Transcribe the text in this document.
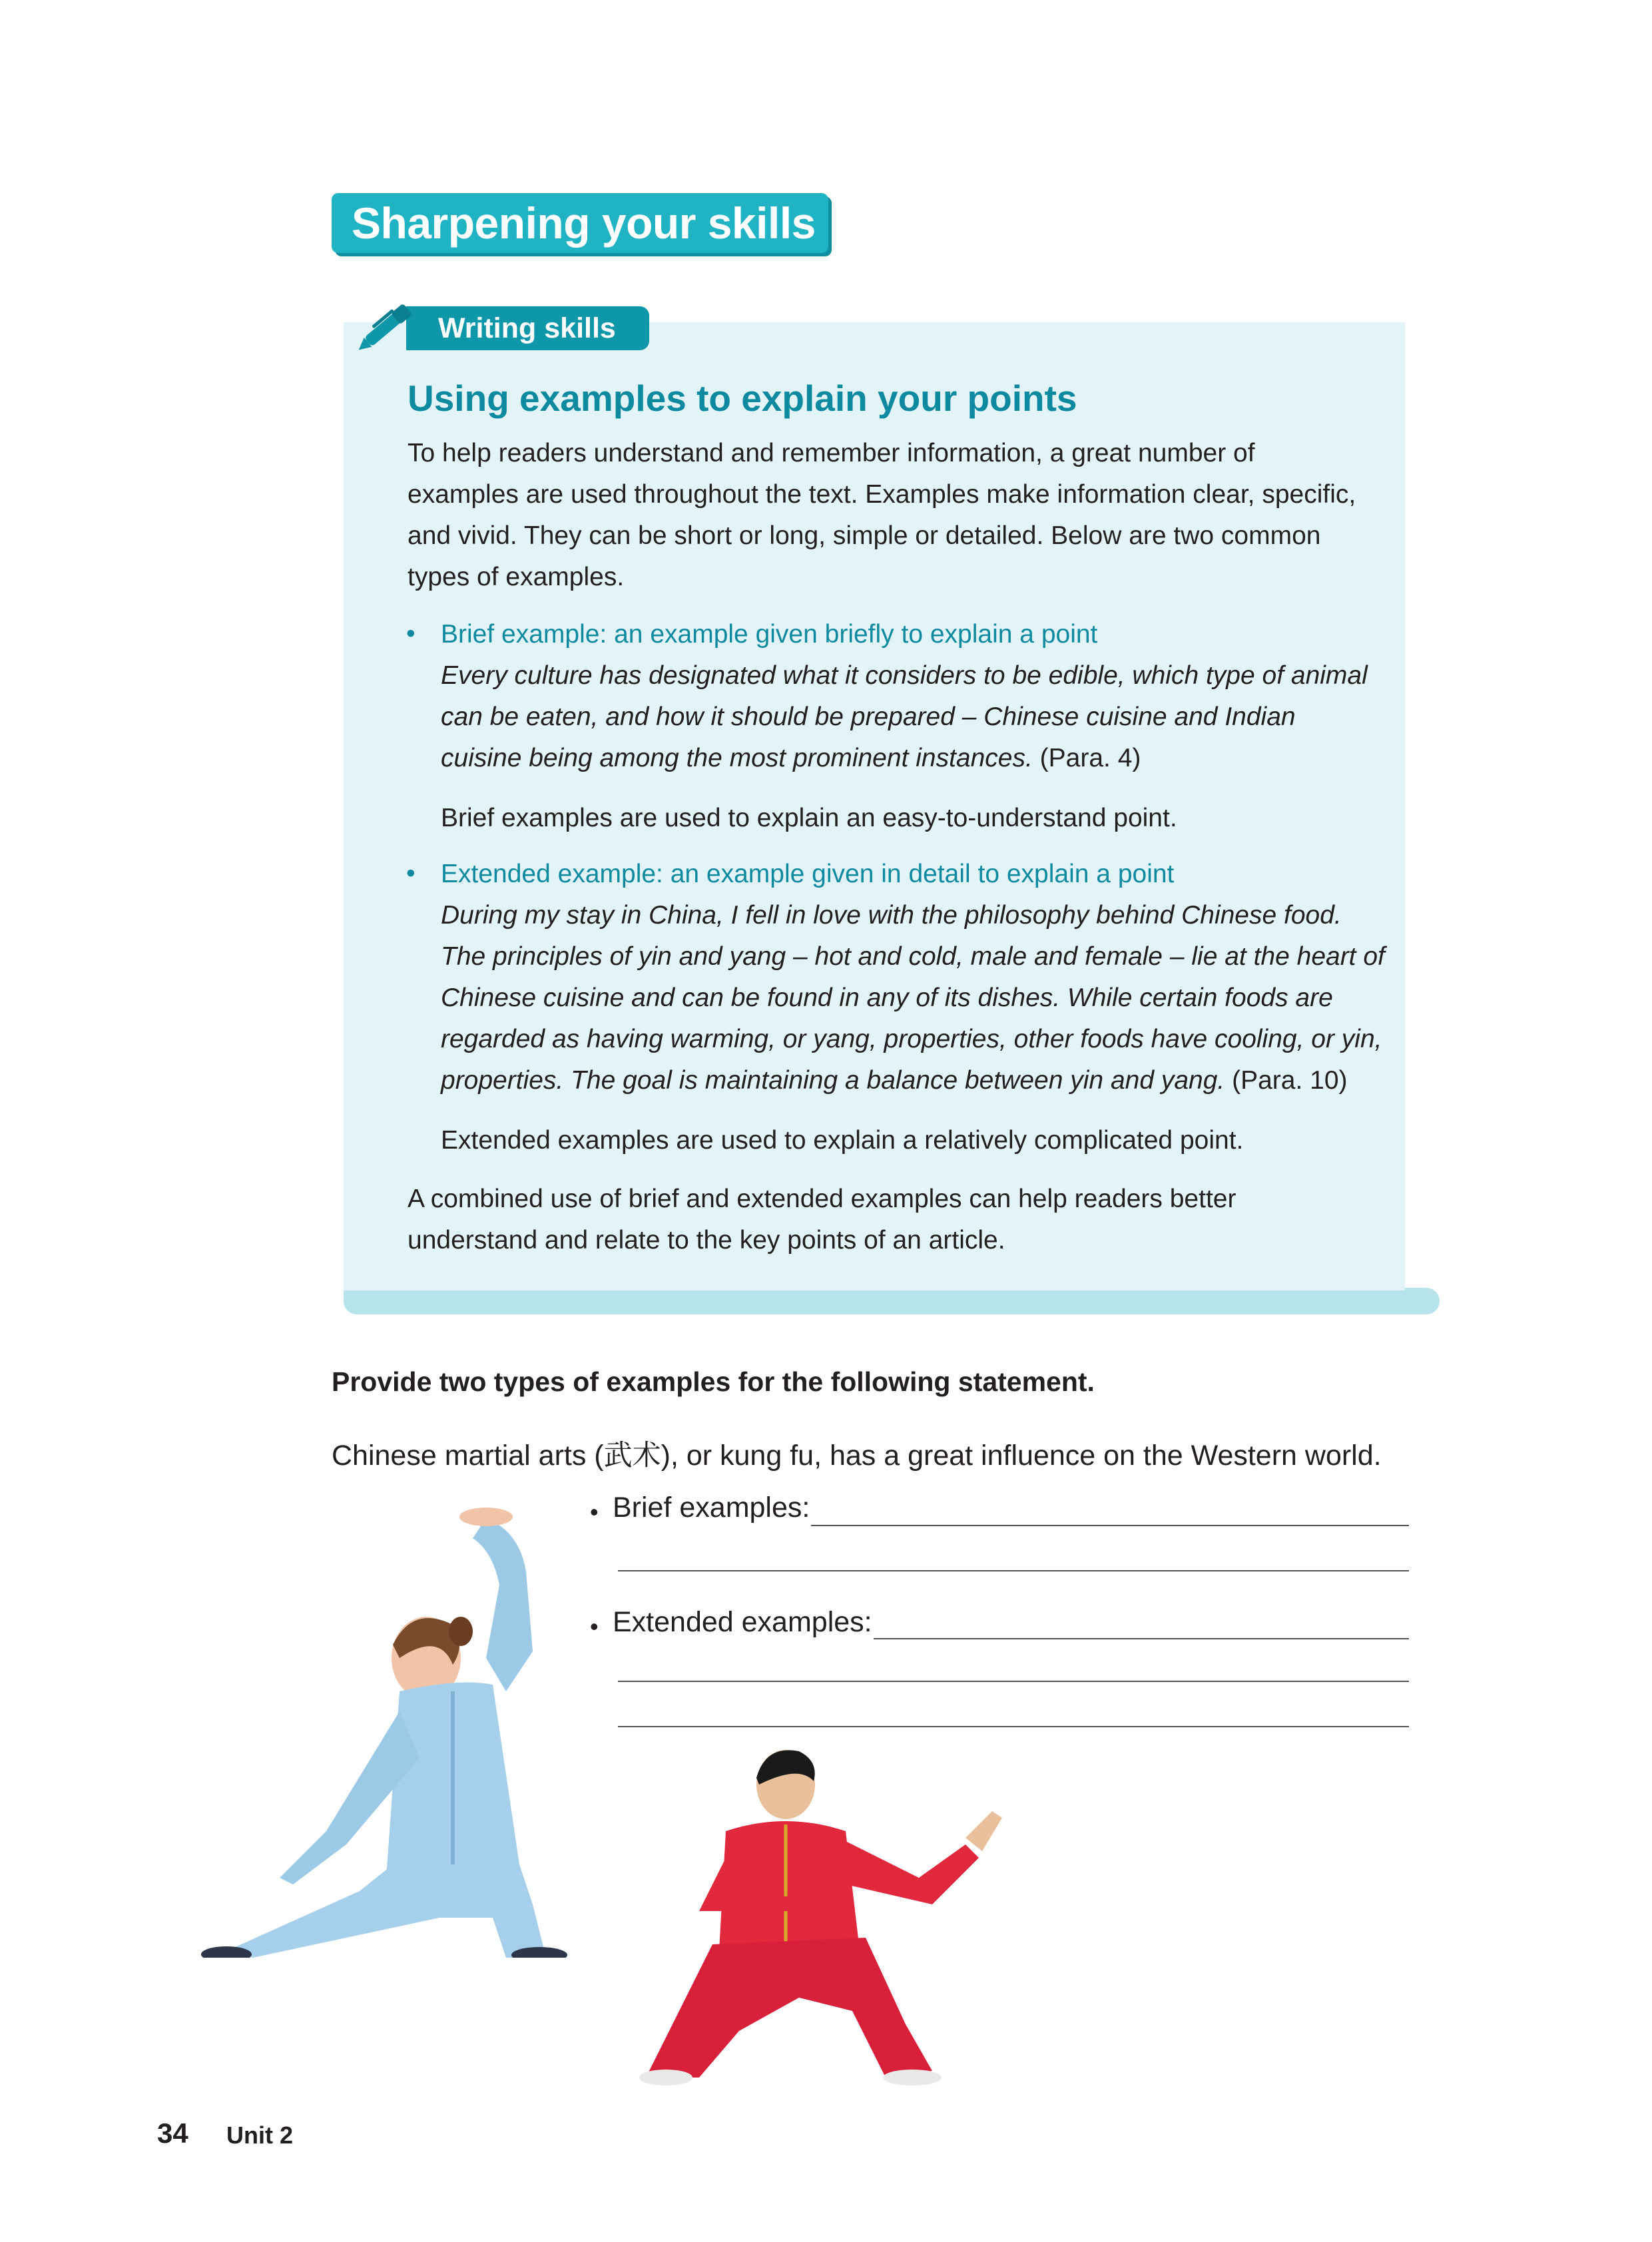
Sharpening your skills
Writing skills
Using examples to explain your points
To help readers understand and remember information, a great number of examples are used throughout the text. Examples make information clear, specific, and vivid. They can be short or long, simple or detailed. Below are two common types of examples.
• Brief example: an example given briefly to explain a point
Every culture has designated what it considers to be edible, which type of animal can be eaten, and how it should be prepared – Chinese cuisine and Indian cuisine being among the most prominent instances. (Para. 4)
Brief examples are used to explain an easy-to-understand point.
• Extended example: an example given in detail to explain a point
During my stay in China, I fell in love with the philosophy behind Chinese food. The principles of yin and yang – hot and cold, male and female – lie at the heart of Chinese cuisine and can be found in any of its dishes. While certain foods are regarded as having warming, or yang, properties, other foods have cooling, or yin, properties. The goal is maintaining a balance between yin and yang. (Para. 10)
Extended examples are used to explain a relatively complicated point.
A combined use of brief and extended examples can help readers better understand and relate to the key points of an article.
Provide two types of examples for the following statement.
Chinese martial arts (武术), or kung fu, has a great influence on the Western world.
• Brief examples:
• Extended examples:
34 Unit 2
